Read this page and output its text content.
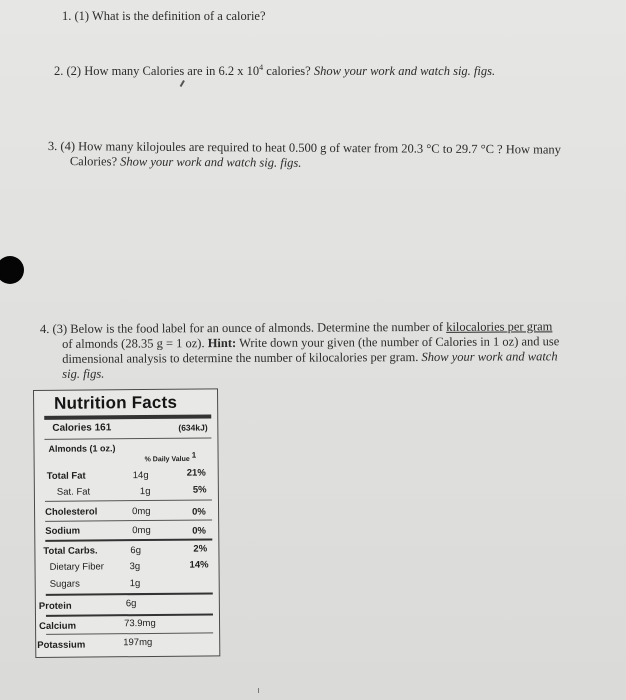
1. (1) What is the definition of a calorie?
2. (2) How many Calories are in 6.2 x $10^4$ calories? Show your work and watch sig. figs.
3. (4) How many kilojoules are required to heat 0.500 g of water from 20.3 °C to 29.7 °C ? How many
Calories? Show your work and watch sig. figs.
4. (3) Below is the food label for an ounce of almonds. Determine the number of kilocalories per gram
of almonds (28.35 g = 1 oz). Hint: Write down your given (the number of Calories in 1 oz) and use
dimensional analysis to determine the number of kilocalories per gram. Show your work and watch
sig. figs.
Nutrition Facts
Calories 161	(634kJ)
Almonds (1 oz.)
% Daily Value $^1$
Total Fat	14g	21%
Sat. Fat	1g	5%
Cholesterol	0mg	0%
Sodium	0mg	0%
Total Carbs.	6g	2%
Dietary Fiber	3g	14%
Sugars	1g
Protein	6g
Calcium	73.9mg
Potassium	197mg
